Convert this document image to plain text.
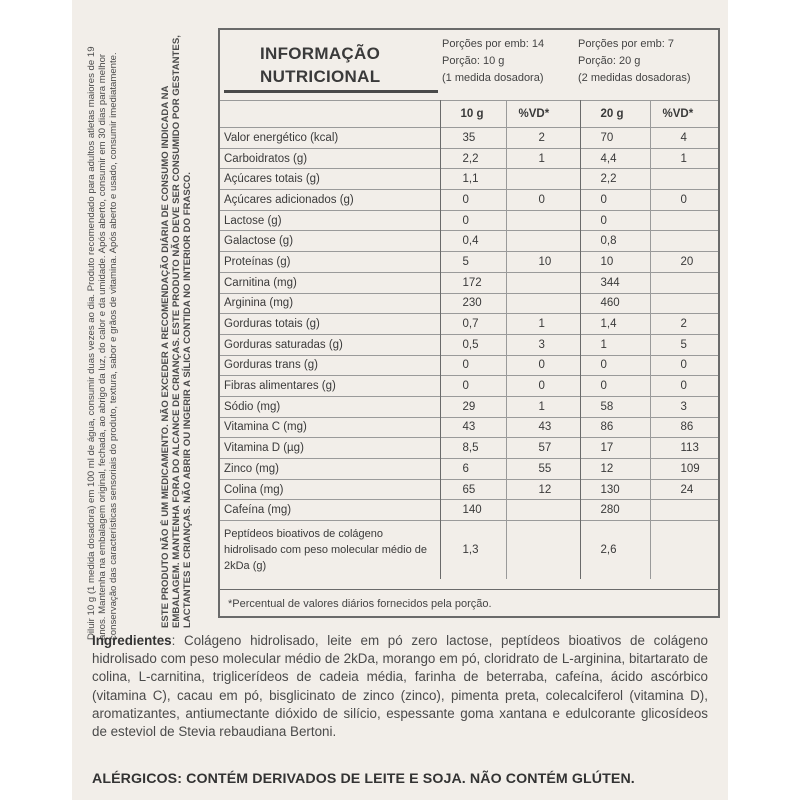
Diluir 10 g (1 medida dosadora) em 100 ml de água, consumir duas vezes ao dia. Produto recomendado para adultos atletas maiores de 19 anos. Mantenha na embalagem original, fechada, ao abrigo da luz, do calor e da umidade. Após aberto, consumir em 30 dias para melhor conservação das características sensoriais do produto, textura, sabor e grãos de vitamina. Após aberto e usado, consumir imediatamente.	ESTE PRODUTO NÃO É UM MEDICAMENTO. NÃO EXCEDER A RECOMENDAÇÃO DIÁRIA DE CONSUMO INDICADA NA EMBALAGEM. MANTENHA FORA DO ALCANCE DE CRIANÇAS. ESTE PRODUTO NÃO DEVE SER CONSUMIDO POR GESTANTES, LACTANTES E CRIANÇAS. NÃO ABRIR OU INGERIR A SÍLICA CONTIDA NO INTERIOR DO FRASCO.
INFORMAÇÃO
NUTRICIONAL
Porções por emb: 14
Porção: 10 g
(1 medida dosadora)
Porções por emb: 7
Porção: 20 g
(2 medidas dosadoras)
	10 g	%VD*	20 g	%VD*
Valor energético (kcal)	35	2	70	4
Carboidratos (g)	2,2	1	4,4	1
Açúcares totais (g)	1,1		2,2	
Açúcares adicionados (g)	0	0	0	0
Lactose (g)	0		0	
Galactose (g)	0,4		0,8	
Proteínas (g)	5	10	10	20
Carnitina (mg)	172		344	
Arginina (mg)	230		460	
Gorduras totais (g)	0,7	1	1,4	2
Gorduras saturadas (g)	0,5	3	1	5
Gorduras trans (g)	0	0	0	0
Fibras alimentares (g)	0	0	0	0
Sódio (mg)	29	1	58	3
Vitamina C (mg)	43	43	86	86
Vitamina D (µg)	8,5	57	17	113
Zinco (mg)	6	55	12	109
Colina (mg)	65	12	130	24
Cafeína (mg)	140		280	
Peptídeos bioativos de colágeno hidrolisado com peso molecular médio de 2kDa (g)	1,3		2,6	
*Percentual de valores diários fornecidos pela porção.
Ingredientes: Colágeno hidrolisado, leite em pó zero lactose, peptídeos bioativos de colágeno hidrolisado com peso molecular médio de 2kDa, morango em pó, cloridrato de L-arginina, bitartarato de colina, L-carnitina, triglicerídeos de cadeia média, farinha de beterraba, cafeína, ácido ascórbico (vitamina C), cacau em pó, bisglicinato de zinco (zinco), pimenta preta, colecalciferol (vitamina D), aromatizantes, antiumectante dióxido de silício, espessante goma xantana e edulcorante glicosídeos de esteviol de Stevia rebaudiana Bertoni.
ALÉRGICOS: CONTÉM DERIVADOS DE LEITE E SOJA. NÃO CONTÉM GLÚTEN.
